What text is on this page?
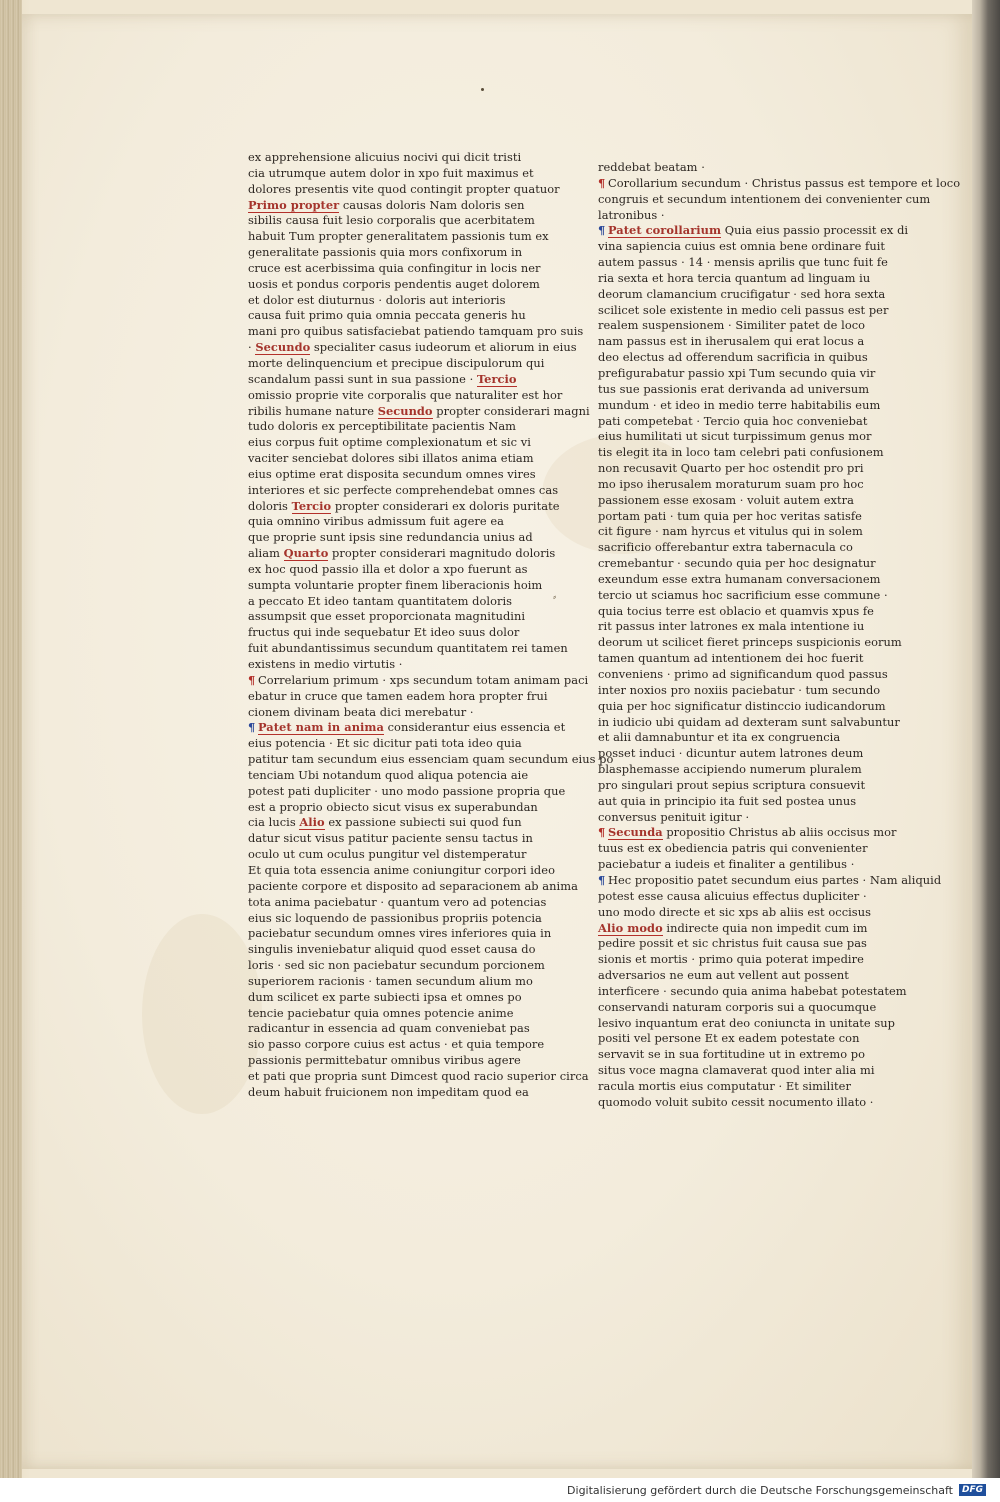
⸗
ex apprehensione alicuius nocivi qui dicit tristi
cia utrumque autem dolor in xpo fuit maximus et
dolores presentis vite quod contingit propter quatuor
Primo propter causas doloris Nam doloris sen
sibilis causa fuit lesio corporalis que acerbitatem
habuit Tum propter generalitatem passionis tum ex
generalitate passionis quia mors confixorum in
cruce est acerbissima quia confingitur in locis ner
uosis et pondus corporis pendentis auget dolorem
et dolor est diuturnus · doloris aut interioris
causa fuit primo quia omnia peccata generis hu
mani pro quibus satisfaciebat patiendo tamquam pro suis
· Secundo specialiter casus iudeorum et aliorum in eius
morte delinquencium et precipue discipulorum qui
scandalum passi sunt in sua passione · Tercio
omissio proprie vite corporalis que naturaliter est hor
ribilis humane nature Secundo propter considerari magni
tudo doloris ex perceptibilitate pacientis Nam
eius corpus fuit optime complexionatum et sic vi
vaciter senciebat dolores sibi illatos anima etiam
eius optime erat disposita secundum omnes vires
interiores et sic perfecte comprehendebat omnes cas
doloris Tercio propter considerari ex doloris puritate
quia omnino viribus admissum fuit agere ea
que proprie sunt ipsis sine redundancia unius ad
aliam Quarto propter considerari magnitudo doloris
ex hoc quod passio illa et dolor a xpo fuerunt as
sumpta voluntarie propter finem liberacionis hoim
a peccato Et ideo tantam quantitatem doloris
assumpsit que esset proporcionata magnitudini
fructus qui inde sequebatur Et ideo suus dolor
fuit abundantissimus secundum quantitatem rei tamen
existens in medio virtutis ·
¶ Correlarium primum · xps secundum totam animam paci
ebatur in cruce que tamen eadem hora propter frui
cionem divinam beata dici merebatur ·
¶ Patet nam in anima considerantur eius essencia et
eius potencia · Et sic dicitur pati tota ideo quia
patitur tam secundum eius essenciam quam secundum eius po
tenciam Ubi notandum quod aliqua potencia aie
potest pati dupliciter · uno modo passione propria que
est a proprio obiecto sicut visus ex superabundan
cia lucis Alio ex passione subiecti sui quod fun
datur sicut visus patitur paciente sensu tactus in
oculo ut cum oculus pungitur vel distemperatur
Et quia tota essencia anime coniungitur corpori ideo
paciente corpore et disposito ad separacionem ab anima
tota anima paciebatur · quantum vero ad potencias
eius sic loquendo de passionibus propriis potencia
paciebatur secundum omnes vires inferiores quia in
singulis inveniebatur aliquid quod esset causa do
loris · sed sic non paciebatur secundum porcionem
superiorem racionis · tamen secundum alium mo
dum scilicet ex parte subiecti ipsa et omnes po
tencie paciebatur quia omnes potencie anime
radicantur in essencia ad quam conveniebat pas
sio passo corpore cuius est actus · et quia tempore
passionis permittebatur omnibus viribus agere
et pati que propria sunt Dimcest quod racio superior circa
deum habuit fruicionem non impeditam quod ea
reddebat beatam ·
¶ Corollarium secundum · Christus passus est tempore et loco
congruis et secundum intentionem dei convenienter cum
latronibus ·
¶ Patet corollarium Quia eius passio processit ex di
vina sapiencia cuius est omnia bene ordinare fuit
autem passus · 14 · mensis aprilis que tunc fuit fe
ria sexta et hora tercia quantum ad linguam iu
deorum clamancium crucifigatur · sed hora sexta
scilicet sole existente in medio celi passus est per
realem suspensionem · Similiter patet de loco
nam passus est in iherusalem qui erat locus a
deo electus ad offerendum sacrificia in quibus
prefigurabatur passio xpi Tum secundo quia vir
tus sue passionis erat derivanda ad universum
mundum · et ideo in medio terre habitabilis eum
pati competebat · Tercio quia hoc conveniebat
eius humilitati ut sicut turpissimum genus mor
tis elegit ita in loco tam celebri pati confusionem
non recusavit Quarto per hoc ostendit pro pri
mo ipso iherusalem moraturum suam pro hoc
passionem esse exosam · voluit autem extra
portam pati · tum quia per hoc veritas satisfe
cit figure · nam hyrcus et vitulus qui in solem
sacrificio offerebantur extra tabernacula co
cremebantur · secundo quia per hoc designatur
exeundum esse extra humanam conversacionem
tercio ut sciamus hoc sacrificium esse commune ·
quia tocius terre est oblacio et quamvis xpus fe
rit passus inter latrones ex mala intentione iu
deorum ut scilicet fieret princeps suspicionis eorum
tamen quantum ad intentionem dei hoc fuerit
conveniens · primo ad significandum quod passus
inter noxios pro noxiis paciebatur · tum secundo
quia per hoc significatur distinccio iudicandorum
in iudicio ubi quidam ad dexteram sunt salvabuntur
et alii damnabuntur et ita ex congruencia
posset induci · dicuntur autem latrones deum
blasphemasse accipiendo numerum pluralem
pro singulari prout sepius scriptura consuevit
aut quia in principio ita fuit sed postea unus
conversus penituit igitur ·
¶ Secunda propositio Christus ab aliis occisus mor
tuus est ex obediencia patris qui convenienter
paciebatur a iudeis et finaliter a gentilibus ·
¶ Hec propositio patet secundum eius partes · Nam aliquid
potest esse causa alicuius effectus dupliciter ·
uno modo directe et sic xps ab aliis est occisus
Alio modo indirecte quia non impedit cum im
pedire possit et sic christus fuit causa sue pas
sionis et mortis · primo quia poterat impedire
adversarios ne eum aut vellent aut possent
interficere · secundo quia anima habebat potestatem
conservandi naturam corporis sui a quocumque
lesivo inquantum erat deo coniuncta in unitate sup
positi vel persone Et ex eadem potestate con
servavit se in sua fortitudine ut in extremo po
situs voce magna clamaverat quod inter alia mi
racula mortis eius computatur · Et similiter
quomodo voluit subito cessit nocumento illato ·
Digitalisierung gefördert durch die Deutsche Forschungsgemeinschaft	DFG
